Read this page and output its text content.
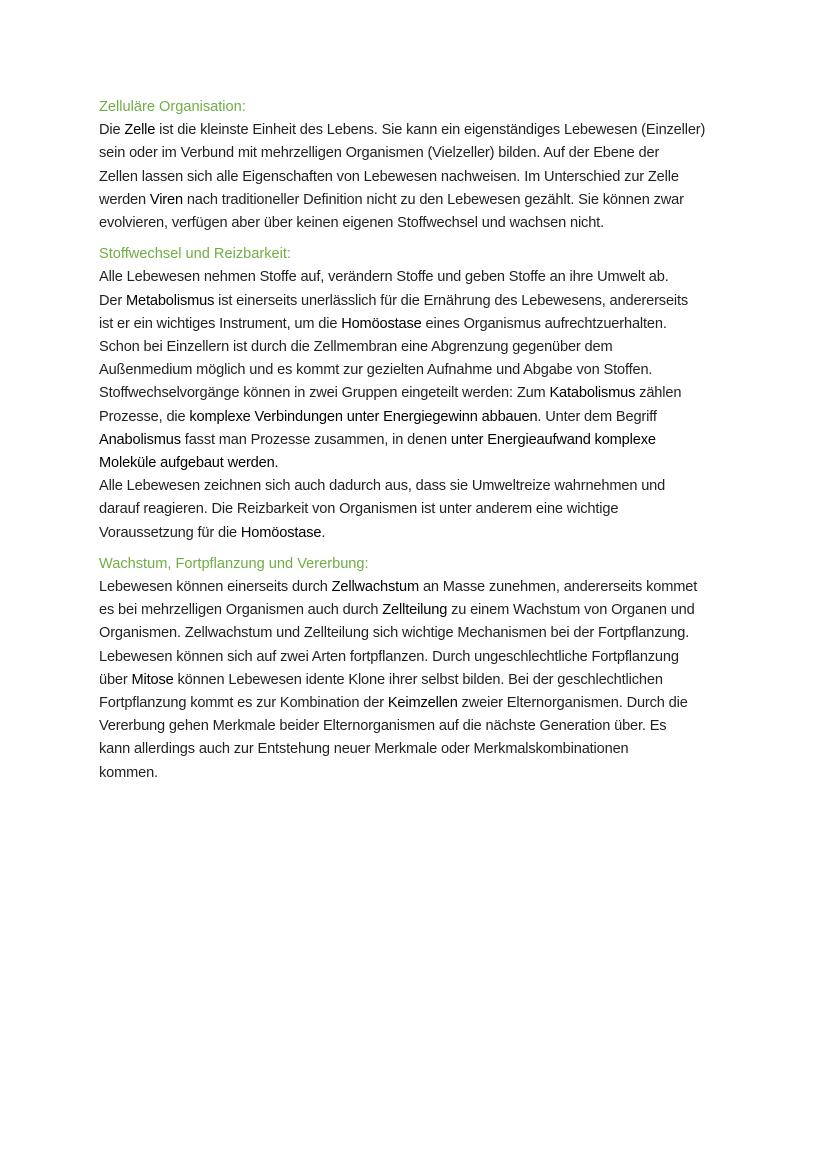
Zelluläre Organisation:

Die Zelle ist die kleinste Einheit des Lebens. Sie kann ein eigenständiges Lebewesen (Einzeller)
sein oder im Verbund mit mehrzelligen Organismen (Vielzeller) bilden. Auf der Ebene der
Zellen lassen sich alle Eigenschaften von Lebewesen nachweisen. Im Unterschied zur Zelle
werden Viren nach traditioneller Definition nicht zu den Lebewesen gezählt. Sie können zwar
evolvieren, verfügen aber über keinen eigenen Stoffwechsel und wachsen nicht.

Stoffwechsel und Reizbarkeit:

Alle Lebewesen nehmen Stoffe auf, verändern Stoffe und geben Stoffe an ihre Umwelt ab.
Der Metabolismus ist einerseits unerlässlich für die Ernährung des Lebewesens, andererseits
ist er ein wichtiges Instrument, um die Homöostase eines Organismus aufrechtzuerhalten.
Schon bei Einzellern ist durch die Zellmembran eine Abgrenzung gegenüber dem
Außenmedium möglich und es kommt zur gezielten Aufnahme und Abgabe von Stoffen.
Stoffwechselvorgänge können in zwei Gruppen eingeteilt werden: Zum Katabolismus zählen
Prozesse, die komplexe Verbindungen unter Energiegewinn abbauen. Unter dem Begriff
Anabolismus fasst man Prozesse zusammen, in denen unter Energieaufwand komplexe
Moleküle aufgebaut werden.

Alle Lebewesen zeichnen sich auch dadurch aus, dass sie Umweltreize wahrnehmen und
darauf reagieren. Die Reizbarkeit von Organismen ist unter anderem eine wichtige
Voraussetzung für die Homöostase.

Wachstum, Fortpflanzung und Vererbung:

Lebewesen können einerseits durch Zellwachstum an Masse zunehmen, andererseits kommet
es bei mehrzelligen Organismen auch durch Zellteilung zu einem Wachstum von Organen und
Organismen. Zellwachstum und Zellteilung sich wichtige Mechanismen bei der Fortpflanzung.
Lebewesen können sich auf zwei Arten fortpflanzen. Durch ungeschlechtliche Fortpflanzung
über Mitose können Lebewesen idente Klone ihrer selbst bilden. Bei der geschlechtlichen
Fortpflanzung kommt es zur Kombination der Keimzellen zweier Elternorganismen. Durch die
Vererbung gehen Merkmale beider Elternorganismen auf die nächste Generation über. Es
kann allerdings auch zur Entstehung neuer Merkmale oder Merkmalskombinationen
kommen.
